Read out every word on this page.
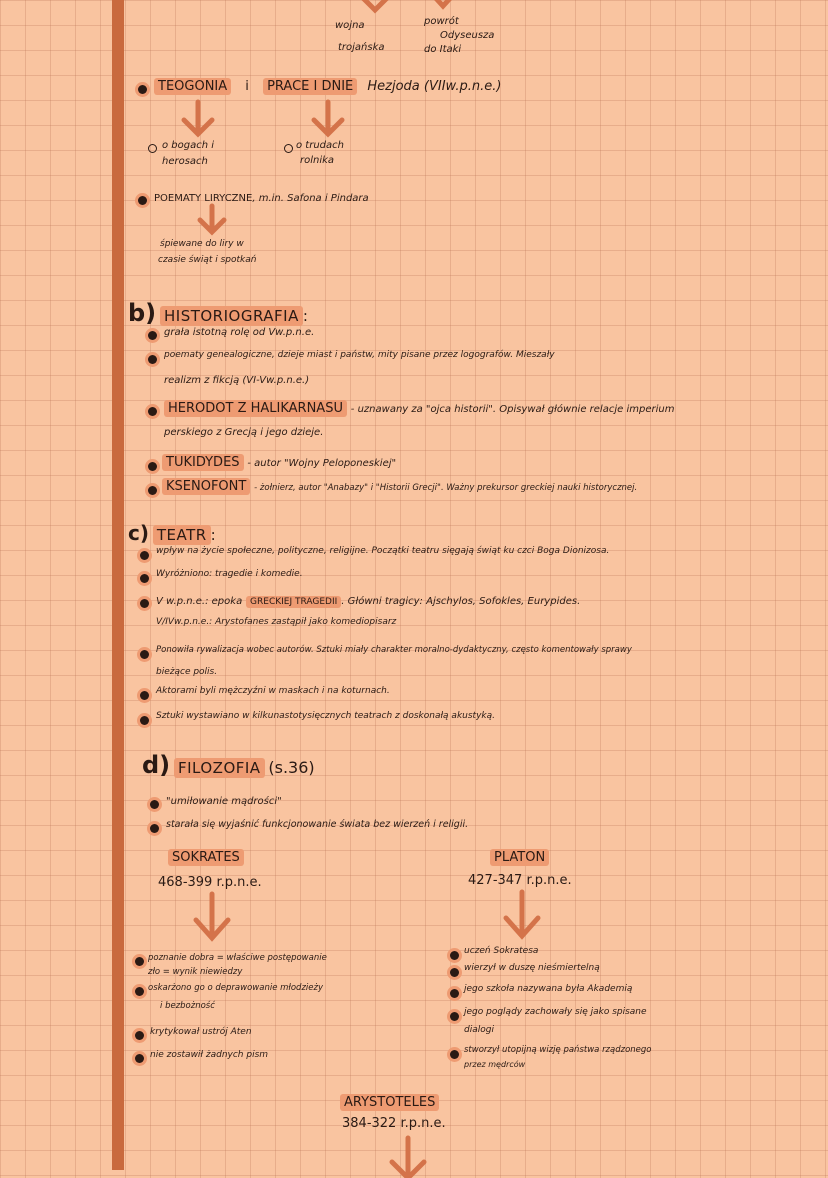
wojna
trojańska
powrót
Odyseusza
do Itaki
TEOGONIA i PRACE I DNIE Hezjoda (VIIw.p.n.e.)
o bogach i
herosach
o trudach
rolnika
POEMATY LIRYCZNE, m.in. Safona i Pindara
śpiewane do liry w
czasie świąt i spotkań
b) HISTORIOGRAFIA :
grała istotną rolę od Vw.p.n.e.
poematy genealogiczne, dzieje miast i państw, mity pisane przez logografów. Mieszały
realizm z fikcją (VI-Vw.p.n.e.)
HERODOT Z HALIKARNASU - uznawany za "ojca historii". Opisywał głównie relacje imperium
perskiego z Grecją i jego dzieje.
TUKIDYDES - autor "Wojny Peloponeskiej"
KSENOFONT - żołnierz, autor "Anabazy" i "Historii Grecji". Ważny prekursor greckiej nauki historycznej.
c) TEATR :
wpływ na życie społeczne, polityczne, religijne. Początki teatru sięgają świąt ku czci Boga Dionizosa.
Wyróżniono: tragedie i komedie.
V w.p.n.e.: epoka GRECKIEJ TRAGEDII . Główni tragicy: Ajschylos, Sofokles, Eurypides.
V/IVw.p.n.e.: Arystofanes zastąpił jako komediopisarz
Ponowiła rywalizacja wobec autorów. Sztuki miały charakter moralno-dydaktyczny, często komentowały sprawy
bieżące polis.
Aktorami byli mężczyźni w maskach i na koturnach.
Sztuki wystawiano w kilkunastotysięcznych teatrach z doskonałą akustyką.
d) FILOZOFIA (s.36)
"umiłowanie mądrości"
starała się wyjaśnić funkcjonowanie świata bez wierzeń i religii.
SOKRATES
468-399 r.p.n.e.
poznanie dobra = właściwe postępowanie
zło = wynik niewiedzy
oskarżono go o deprawowanie młodzieży
i bezbożność
krytykował ustrój Aten
nie zostawił żadnych pism
PLATON
427-347 r.p.n.e.
uczeń Sokratesa
wierzył w duszę nieśmiertelną
jego szkoła nazywana była Akademią
jego poglądy zachowały się jako spisane
dialogi
stworzył utopijną wizję państwa rządzonego
przez mędrców
ARYSTOTELES
384-322 r.p.n.e.
